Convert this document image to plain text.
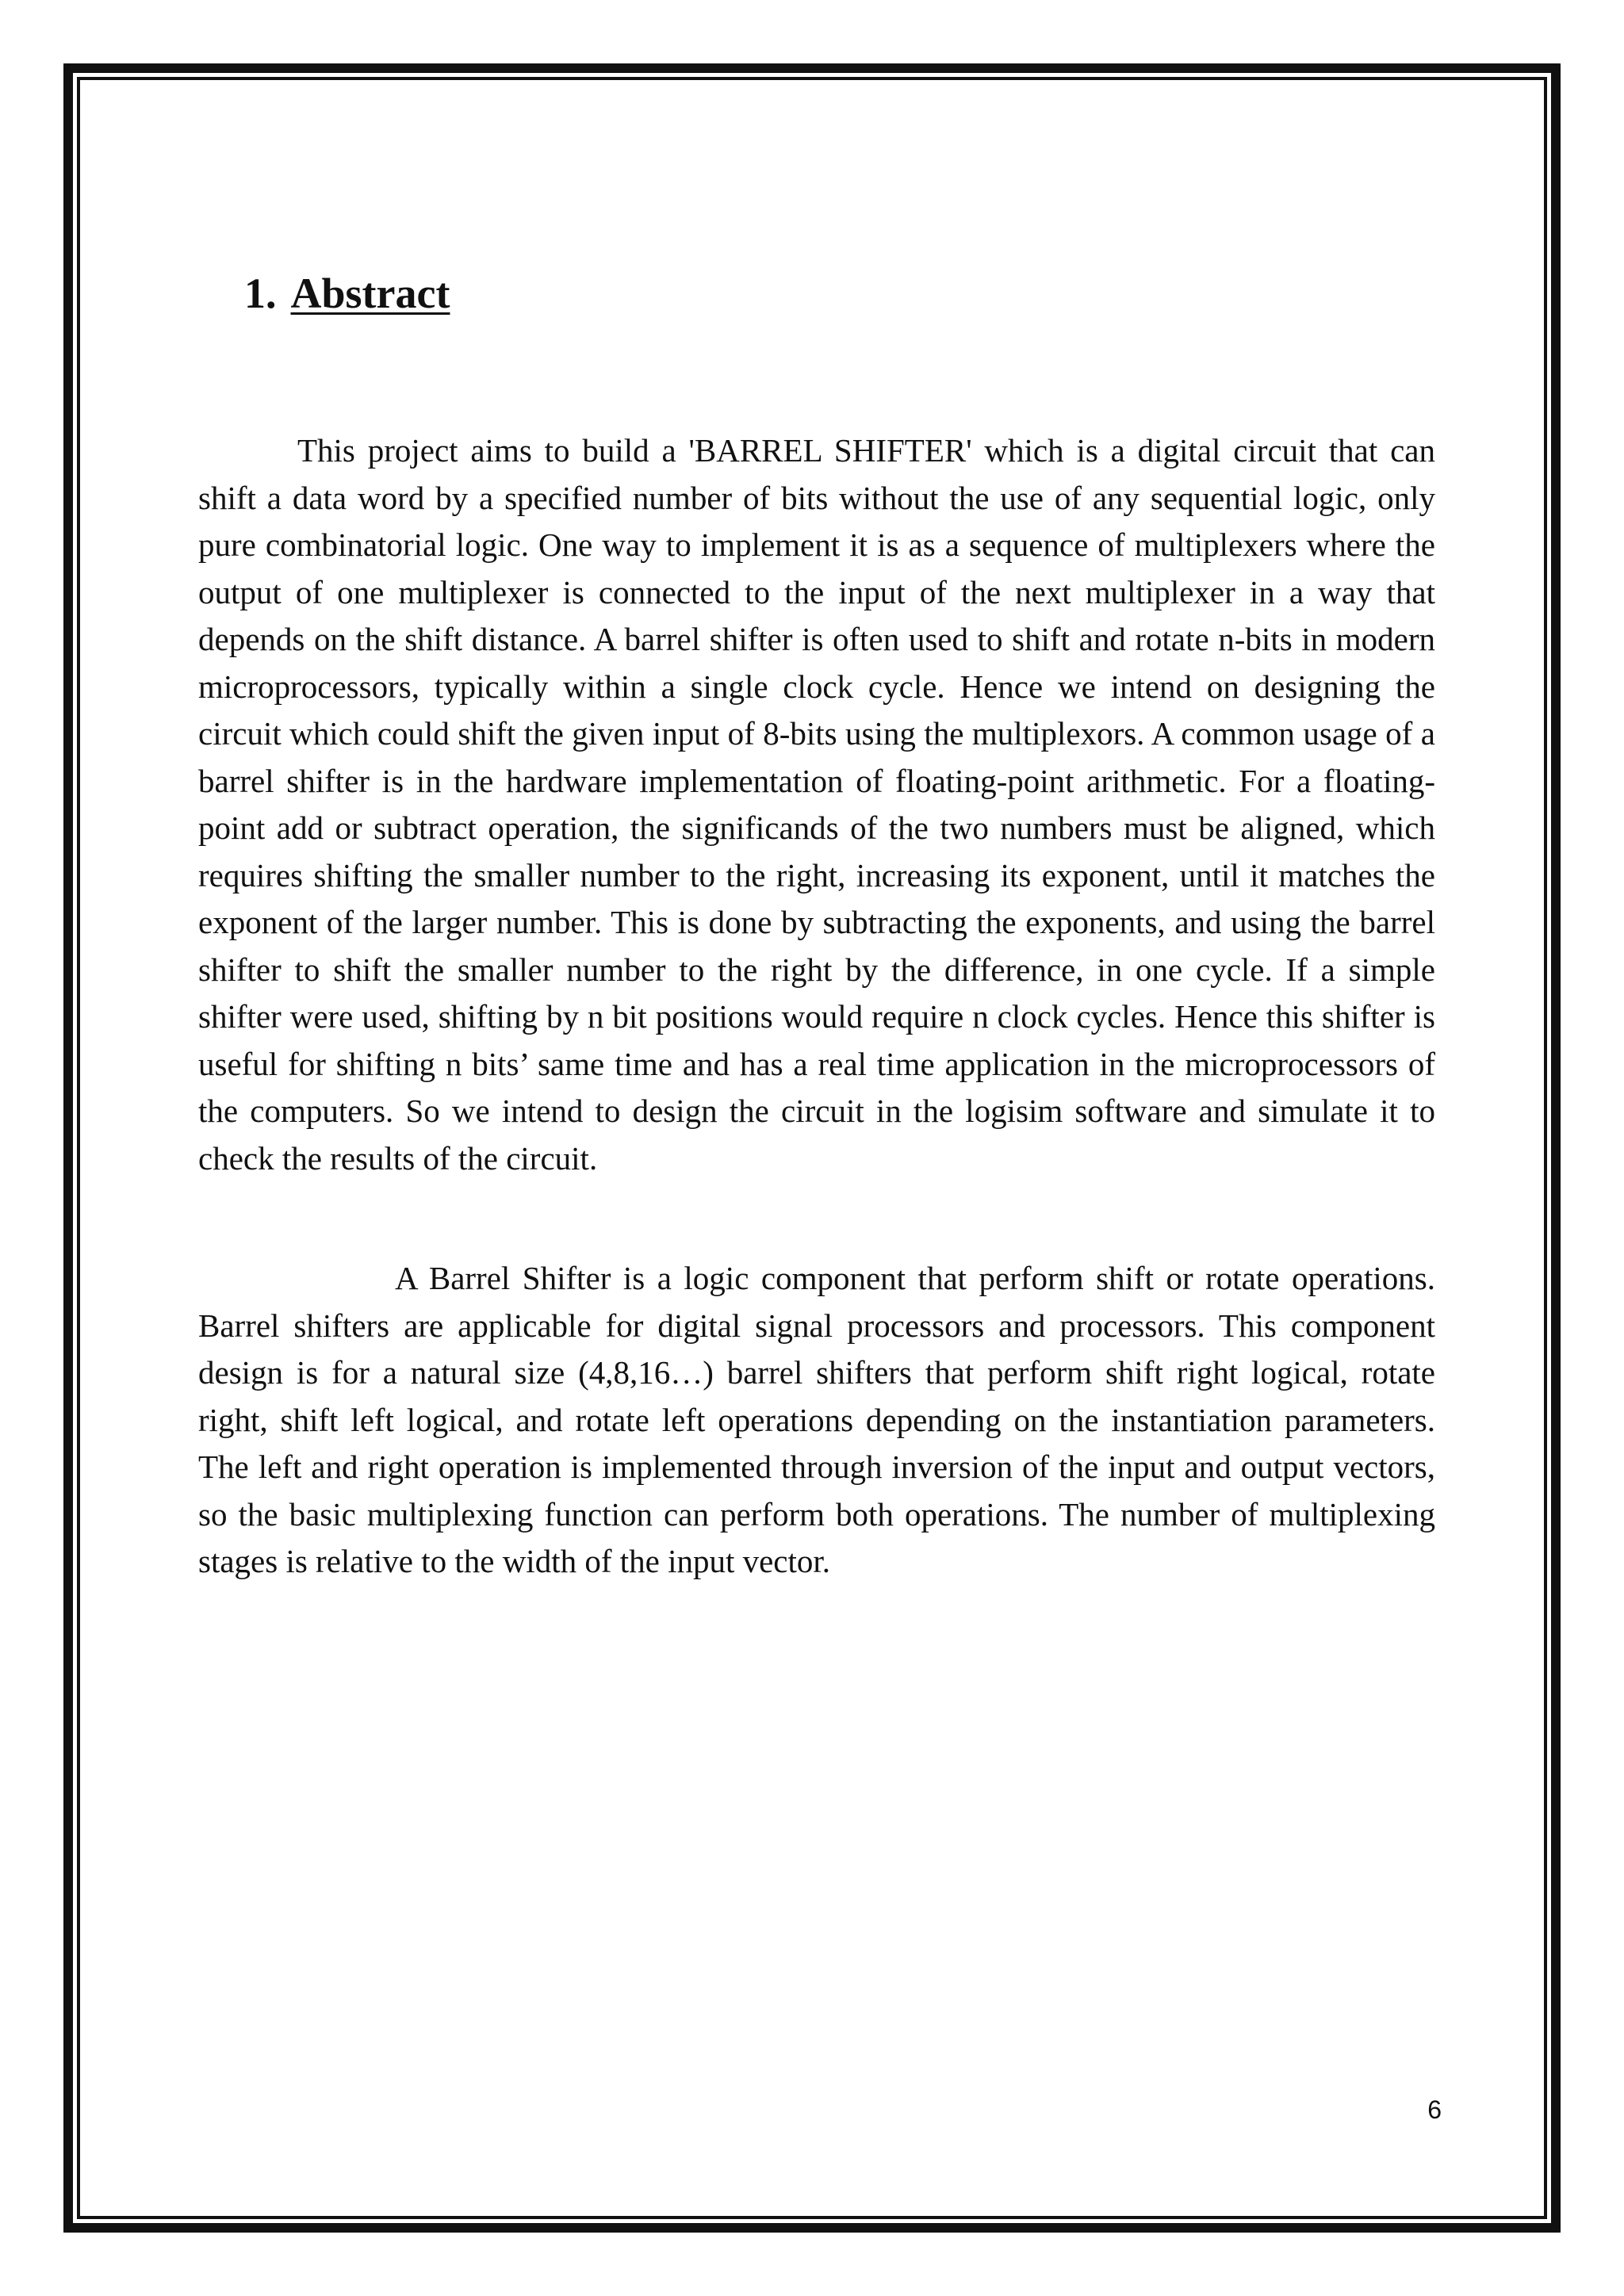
1. Abstract

This project aims to build a 'BARREL SHIFTER' which is a digital circuit that can shift a data word by a specified number of bits without the use of any sequential logic, only pure combinatorial logic. One way to implement it is as a sequence of multiplexers where the output of one multiplexer is connected to the input of the next multiplexer in a way that depends on the shift distance. A barrel shifter is often used to shift and rotate n-bits in modern microprocessors, typically within a single clock cycle. Hence we intend on designing the circuit which could shift the given input of 8-bits using the multiplexors. A common usage of a barrel shifter is in the hardware implementation of floating-point arithmetic. For a floating-point add or subtract operation, the significands of the two numbers must be aligned, which requires shifting the smaller number to the right, increasing its exponent, until it matches the exponent of the larger number. This is done by subtracting the exponents, and using the barrel shifter to shift the smaller number to the right by the difference, in one cycle. If a simple shifter were used, shifting by n bit positions would require n clock cycles. Hence this shifter is useful for shifting n bits’ same time and has a real time application in the microprocessors of the computers. So we intend to design the circuit in the logisim software and simulate it to check the results of the circuit.

A Barrel Shifter is a logic component that perform shift or rotate operations. Barrel shifters are applicable for digital signal processors and processors. This component design is for a natural size (4,8,16…) barrel shifters that perform shift right logical, rotate right, shift left logical, and rotate left operations depending on the instantiation parameters. The left and right operation is implemented through inversion of the input and output vectors, so the basic multiplexing function can perform both operations. The number of multiplexing stages is relative to the width of the input vector.

6
